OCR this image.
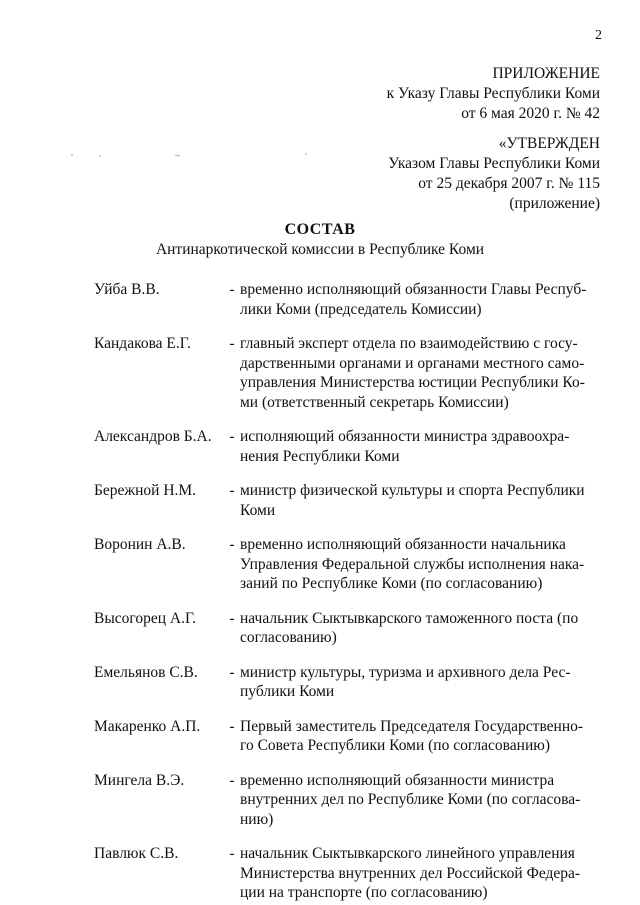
2
ПРИЛОЖЕНИЕ
к Указу Главы Республики Коми
от 6 мая 2020 г. № 42
«УТВЕРЖДЕН
Указом Главы Республики Коми
от 25 декабря 2007 г. № 115
(приложение)
СОСТАВ
Антинаркотической комиссии в Республике Коми
Уйба В.В.	- временно исполняющий обязанности Главы Респуб-
лики Коми (председатель Комиссии)
Кандакова Е.Г.	- главный эксперт отдела по взаимодействию с госу-
дарственными органами и органами местного само-
управления Министерства юстиции Республики Ко-
ми (ответственный секретарь Комиссии)
Александров Б.А.	- исполняющий обязанности министра здравоохра-
нения Республики Коми
Бережной Н.М.	- министр физической культуры и спорта Республики
Коми
Воронин А.В.	- временно исполняющий обязанности начальника
Управления Федеральной службы исполнения нака-
заний по Республике Коми (по согласованию)
Высогорец А.Г.	- начальник Сыктывкарского таможенного поста (по
согласованию)
Емельянов С.В.	- министр культуры, туризма и архивного дела Рес-
публики Коми
Макаренко А.П.	- Первый заместитель Председателя Государственно-
го Совета Республики Коми (по согласованию)
Мингела В.Э.	- временно исполняющий обязанности министра
внутренних дел по Республике Коми (по согласова-
нию)
Павлюк С.В.	- начальник Сыктывкарского линейного управления
Министерства внутренних дел Российской Федера-
ции на транспорте (по согласованию)
